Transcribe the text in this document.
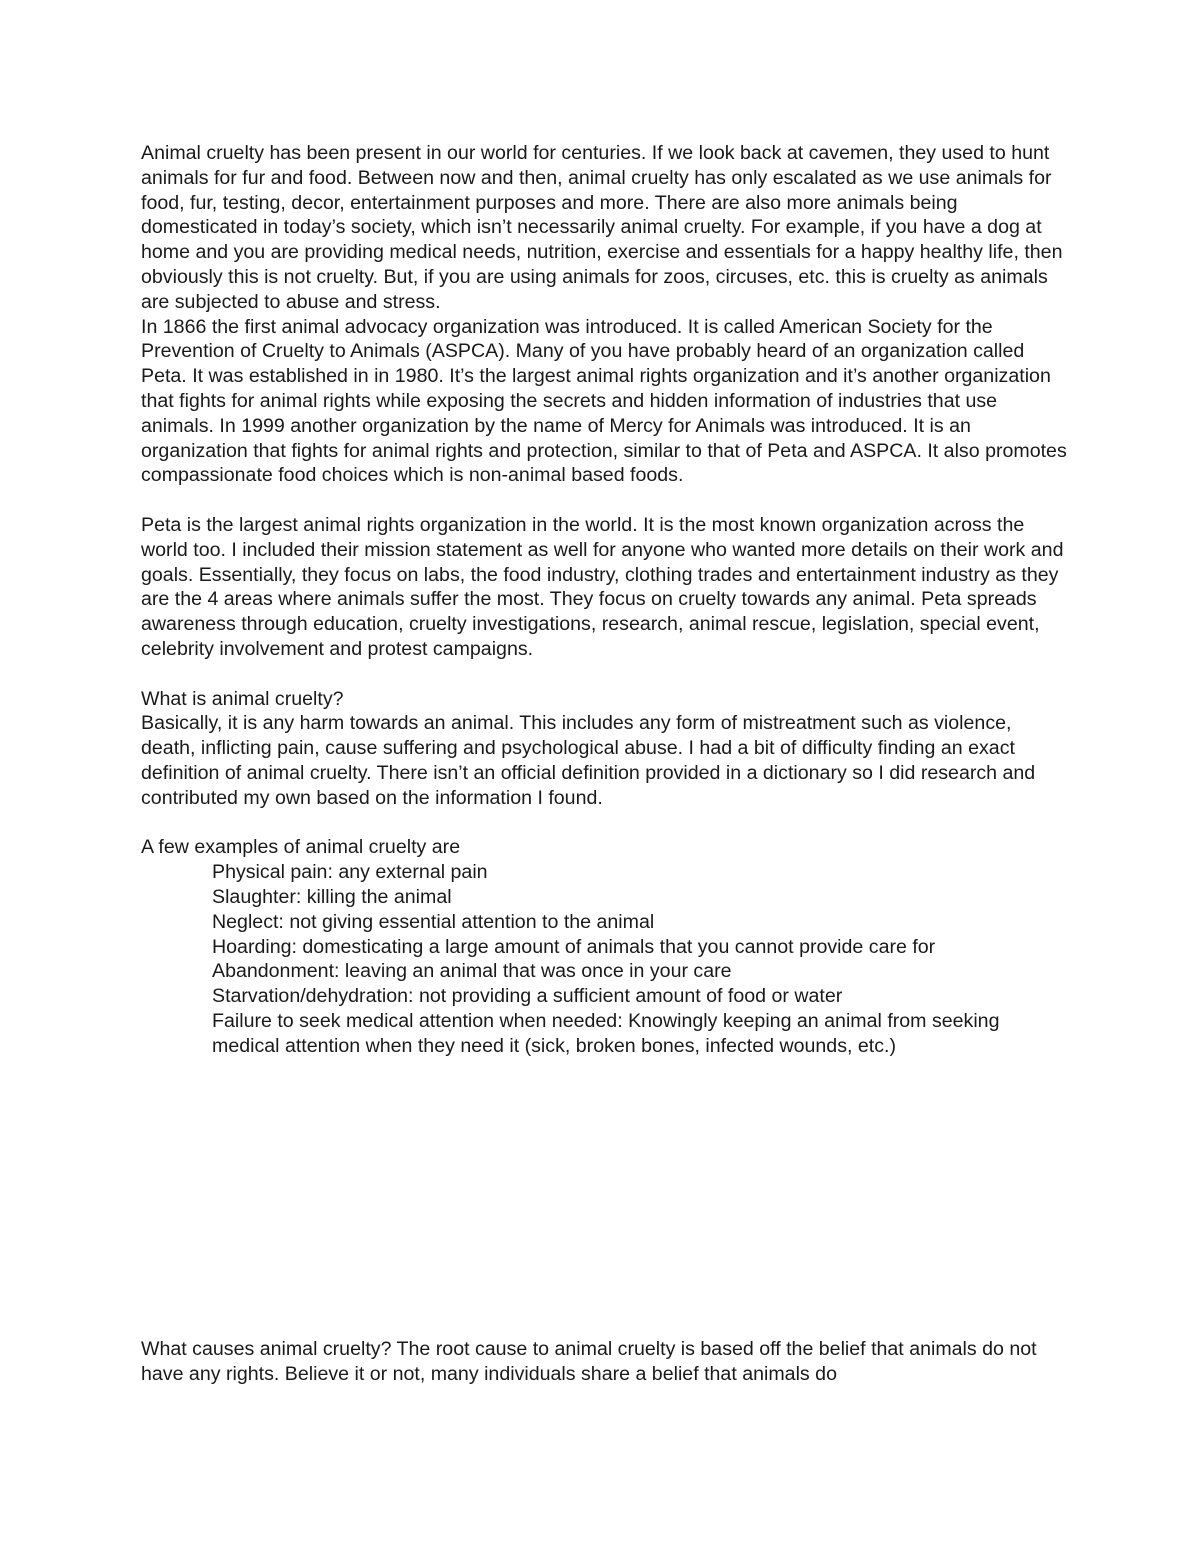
Animal cruelty has been present in our world for centuries. If we look back at cavemen, they used to hunt animals for fur and food. Between now and then, animal cruelty has only escalated as we use animals for food, fur, testing, decor, entertainment purposes and more. There are also more animals being domesticated in today’s society, which isn’t necessarily animal cruelty. For example, if you have a dog at home and you are providing medical needs, nutrition, exercise and essentials for a happy healthy life, then obviously this is not cruelty. But, if you are using animals for zoos, circuses, etc. this is cruelty as animals are subjected to abuse and stress.

In 1866 the first animal advocacy organization was introduced. It is called American Society for the Prevention of Cruelty to Animals (ASPCA). Many of you have probably heard of an organization called Peta. It was established in in 1980. It’s the largest animal rights organization and it’s another organization that fights for animal rights while exposing the secrets and hidden information of industries that use animals. In 1999 another organization by the name of Mercy for Animals was introduced. It is an organization that fights for animal rights and protection, similar to that of Peta and ASPCA. It also promotes compassionate food choices which is non-animal based foods.

Peta is the largest animal rights organization in the world. It is the most known organization across the world too. I included their mission statement as well for anyone who wanted more details on their work and goals. Essentially, they focus on labs, the food industry, clothing trades and entertainment industry as they are the 4 areas where animals suffer the most. They focus on cruelty towards any animal. Peta spreads awareness through education, cruelty investigations, research, animal rescue, legislation, special event, celebrity involvement and protest campaigns.

What is animal cruelty?

Basically, it is any harm towards an animal. This includes any form of mistreatment such as violence, death, inflicting pain, cause suffering and psychological abuse. I had a bit of difficulty finding an exact definition of animal cruelty. There isn’t an official definition provided in a dictionary so I did research and contributed my own based on the information I found.

A few examples of animal cruelty are

Physical pain: any external pain
Slaughter: killing the animal
Neglect: not giving essential attention to the animal
Hoarding: domesticating a large amount of animals that you cannot provide care for
Abandonment: leaving an animal that was once in your care
Starvation/dehydration: not providing a sufficient amount of food or water
Failure to seek medical attention when needed: Knowingly keeping an animal from seeking medical attention when they need it (sick, broken bones, infected wounds, etc.)

What causes animal cruelty? The root cause to animal cruelty is based off the belief that animals do not have any rights. Believe it or not, many individuals share a belief that animals do
